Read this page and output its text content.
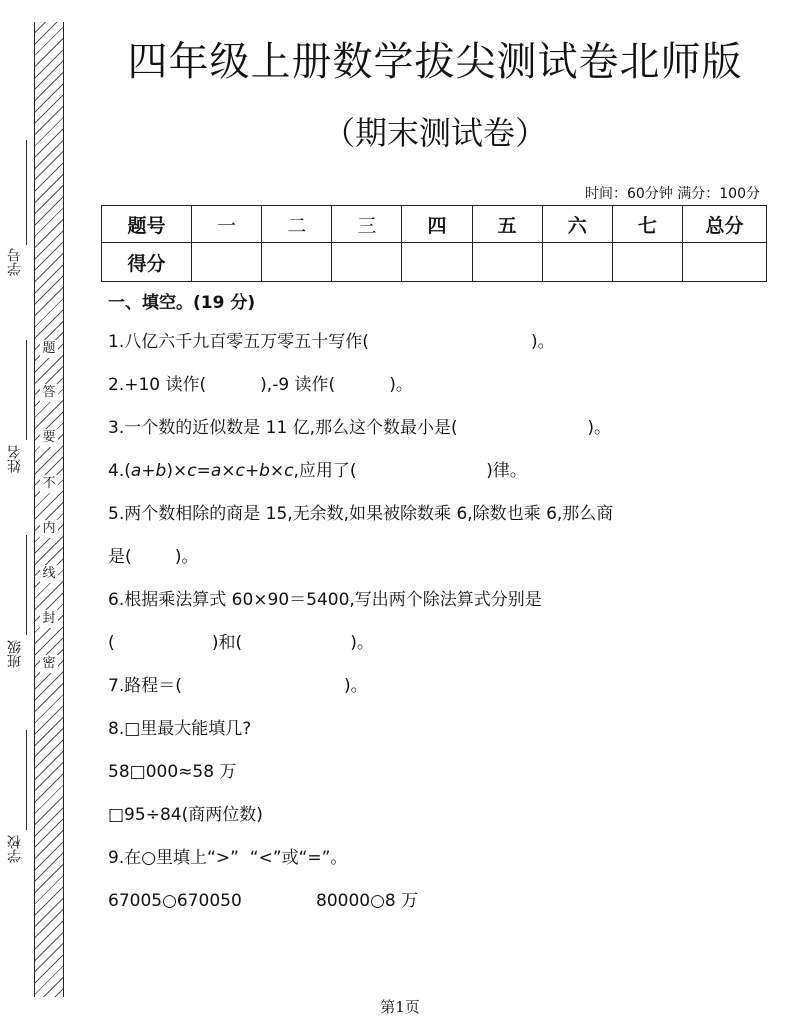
题
答
要
不
内
线
封
密
学号
姓名
班级
学校
四年级上册数学拔尖测试卷北师版
（期末测试卷）
时间：60分钟 满分：100分
题号	一	二	三	四	五	六	七	总分
得分								
一、填空。(19 分)
1.八亿六千九百零五万零五十写作(                              )。
2.+10 读作(          ),-9 读作(          )。
3.一个数的近似数是 11 亿,那么这个数最小是(                        )。
4.(a+b)×c=a×c+b×c,应用了(                        )律。
5.两个数相除的商是 15,无余数,如果被除数乘 6,除数也乘 6,那么商
是(        )。
6.根据乘法算式 60×90＝5400,写出两个除法算式分别是
(                  )和(                    )。
7.路程＝(                              )。
8.□里最大能填几?
58□000≈58 万
□95÷84(商两位数)
9.在○里填上“>”  “<”或“=”。
67005○670050	80000○8 万
第1页
